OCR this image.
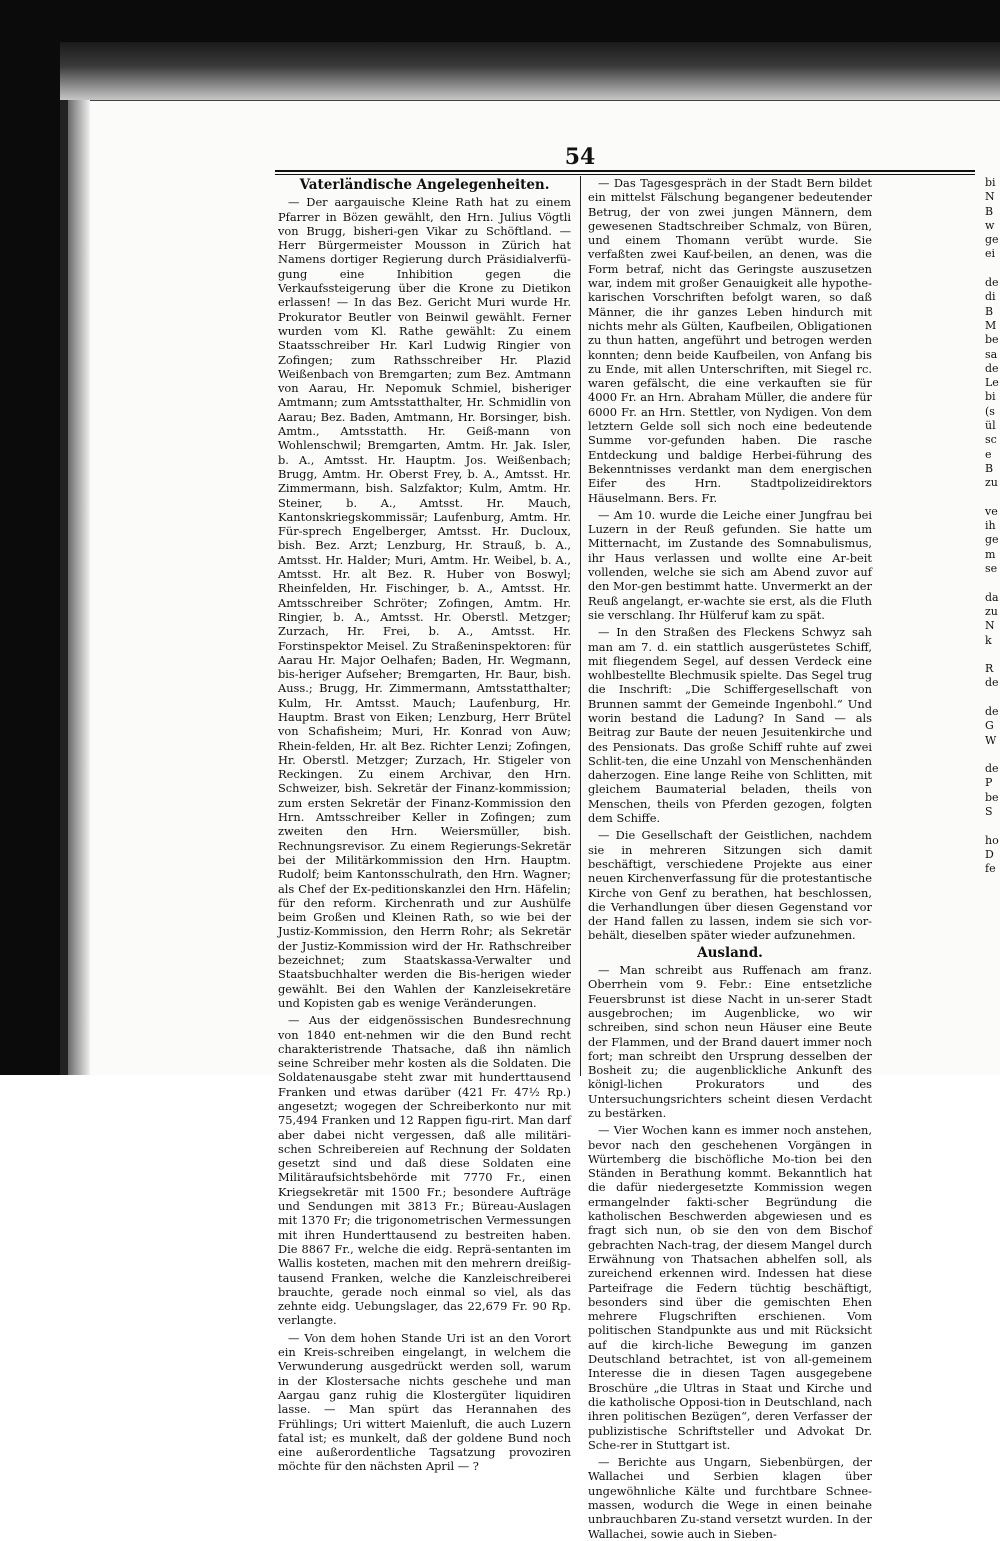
54
Vaterländische Angelegenheiten.

— Der aargauische Kleine Rath hat zu einem Pfarrer in Bözen gewählt, den Hrn. Julius Vögtli von Brugg, bisheri-gen Vikar zu Schöftland. — Herr Bürgermeister Mousson in Zürich hat Namens dortiger Regierung durch Präsidialverfü-gung eine Inhibition gegen die Verkaufssteigerung über die Krone zu Dietikon erlassen! — In das Bez. Gericht Muri wurde Hr. Prokurator Beutler von Beinwil gewählt. Ferner wurden vom Kl. Rathe gewählt: Zu einem Staatsschreiber Hr. Karl Ludwig Ringier von Zofingen; zum Rathsschreiber Hr. Plazid Weißenbach von Bremgarten; zum Bez. Amtmann von Aarau, Hr. Nepomuk Schmiel, bisheriger Amtmann; zum Amtsstatthalter, Hr. Schmidlin von Aarau; Bez. Baden, Amtmann, Hr. Borsinger, bish. Amtm., Amtsstatth. Hr. Geiß-mann von Wohlenschwil; Bremgarten, Amtm. Hr. Jak. Isler, b. A., Amtsst. Hr. Hauptm. Jos. Weißenbach; Brugg, Amtm. Hr. Oberst Frey, b. A., Amtsst. Hr. Zimmermann, bish. Salzfaktor; Kulm, Amtm. Hr. Steiner, b. A., Amtsst. Hr. Mauch, Kantonskriegskommissär; Laufenburg, Amtm. Hr. Für-sprech Engelberger, Amtsst. Hr. Ducloux, bish. Bez. Arzt; Lenzburg, Hr. Strauß, b. A., Amtsst. Hr. Halder; Muri, Amtm. Hr. Weibel, b. A., Amtsst. Hr. alt Bez. R. Huber von Boswyl; Rheinfelden, Hr. Fischinger, b. A., Amtsst. Hr. Amtsschreiber Schröter; Zofingen, Amtm. Hr. Ringier, b. A., Amtsst. Hr. Oberstl. Metzger; Zurzach, Hr. Frei, b. A., Amtsst. Hr. Forstinspektor Meisel. Zu Straßeninspektoren: für Aarau Hr. Major Oelhafen; Baden, Hr. Wegmann, bis-heriger Aufseher; Bremgarten, Hr. Baur, bish. Auss.; Brugg, Hr. Zimmermann, Amtsstatthalter; Kulm, Hr. Amtsst. Mauch; Laufenburg, Hr. Hauptm. Brast von Eiken; Lenzburg, Herr Brütel von Schafisheim; Muri, Hr. Konrad von Auw; Rhein-felden, Hr. alt Bez. Richter Lenzi; Zofingen, Hr. Oberstl. Metzger; Zurzach, Hr. Stigeler von Reckingen. Zu einem Archivar, den Hrn. Schweizer, bish. Sekretär der Finanz-kommission; zum ersten Sekretär der Finanz-Kommission den Hrn. Amtsschreiber Keller in Zofingen; zum zweiten den Hrn. Weiersmüller, bish. Rechnungsrevisor. Zu einem Regierungs-Sekretär bei der Militärkommission den Hrn. Hauptm. Rudolf; beim Kantonsschulrath, den Hrn. Wagner; als Chef der Ex-peditionskanzlei den Hrn. Häfelin; für den reform. Kirchenrath und zur Aushülfe beim Großen und Kleinen Rath, so wie bei der Justiz-Kommission, den Herrn Rohr; als Sekretär der Justiz-Kommission wird der Hr. Rathschreiber bezeichnet; zum Staatskassa-Verwalter und Staatsbuchhalter werden die Bis-herigen wieder gewählt. Bei den Wahlen der Kanzleisekretäre und Kopisten gab es wenige Veränderungen.

— Aus der eidgenössischen Bundesrechnung von 1840 ent-nehmen wir die den Bund recht charakteristrende Thatsache, daß ihn nämlich seine Schreiber mehr kosten als die Soldaten. Die Soldatenausgabe steht zwar mit hunderttausend Franken und etwas darüber (421 Fr. 47½ Rp.) angesetzt; wogegen der Schreiberkonto nur mit 75,494 Franken und 12 Rappen figu-rirt. Man darf aber dabei nicht vergessen, daß alle militäri-schen Schreibereien auf Rechnung der Soldaten gesetzt sind und daß diese Soldaten eine Militäraufsichtsbehörde mit 7770 Fr., einen Kriegsekretär mit 1500 Fr.; besondere Aufträge und Sendungen mit 3813 Fr.; Büreau-Auslagen mit 1370 Fr; die trigonometrischen Vermessungen mit ihren Hunderttausend zu bestreiten haben. Die 8867 Fr., welche die eidg. Reprä-sentanten im Wallis kosteten, machen mit den mehrern dreißig-tausend Franken, welche die Kanzleischreiberei brauchte, gerade noch einmal so viel, als das zehnte eidg. Uebungslager, das 22,679 Fr. 90 Rp. verlangte.

— Von dem hohen Stande Uri ist an den Vorort ein Kreis-schreiben eingelangt, in welchem die Verwunderung ausgedrückt werden soll, warum in der Klostersache nichts geschehe und man Aargau ganz ruhig die Klostergüter liquidiren lasse. — Man spürt das Herannahen des Frühlings; Uri wittert Maienluft, die auch Luzern fatal ist; es munkelt, daß der goldene Bund noch eine außerordentliche Tagsatzung provoziren möchte für den nächsten April — ?

— Das Tagesgespräch in der Stadt Bern bildet ein mittelst Fälschung begangener bedeutender Betrug, der von zwei jungen Männern, dem gewesenen Stadtschreiber Schmalz, von Büren, und einem Thomann verübt wurde. Sie verfaßten zwei Kauf-beilen, an denen, was die Form betraf, nicht das Geringste auszusetzen war, indem mit großer Genauigkeit alle hypothe-karischen Vorschriften befolgt waren, so daß Männer, die ihr ganzes Leben hindurch mit nichts mehr als Gülten, Kaufbeilen, Obligationen zu thun hatten, angeführt und betrogen werden konnten; denn beide Kaufbeilen, von Anfang bis zu Ende, mit allen Unterschriften, mit Siegel rc. waren gefälscht, die eine verkauften sie für 4000 Fr. an Hrn. Abraham Müller, die andere für 6000 Fr. an Hrn. Stettler, von Nydigen. Von dem letztern Gelde soll sich noch eine bedeutende Summe vor-gefunden haben. Die rasche Entdeckung und baldige Herbei-führung des Bekenntnisses verdankt man dem energischen Eifer des Hrn. Stadtpolizeidirektors Häuselmann. Bers. Fr.

— Am 10. wurde die Leiche einer Jungfrau bei Luzern in der Reuß gefunden. Sie hatte um Mitternacht, im Zustande des Somnabulismus, ihr Haus verlassen und wollte eine Ar-beit vollenden, welche sie sich am Abend zuvor auf den Mor-gen bestimmt hatte. Unvermerkt an der Reuß angelangt, er-wachte sie erst, als die Fluth sie verschlang. Ihr Hülferuf kam zu spät.

— In den Straßen des Fleckens Schwyz sah man am 7. d. ein stattlich ausgerüstetes Schiff, mit fliegendem Segel, auf dessen Verdeck eine wohlbestellte Blechmusik spielte. Das Segel trug die Inschrift: „Die Schiffergesellschaft von Brunnen sammt der Gemeinde Ingenbohl.“ Und worin bestand die Ladung? In Sand — als Beitrag zur Baute der neuen Jesuitenkirche und des Pensionats. Das große Schiff ruhte auf zwei Schlit-ten, die eine Unzahl von Menschenhänden daherzogen. Eine lange Reihe von Schlitten, mit gleichem Baumaterial beladen, theils von Menschen, theils von Pferden gezogen, folgten dem Schiffe.

— Die Gesellschaft der Geistlichen, nachdem sie in mehreren Sitzungen sich damit beschäftigt, verschiedene Projekte aus einer neuen Kirchenverfassung für die protestantische Kirche von Genf zu berathen, hat beschlossen, die Verhandlungen über diesen Gegenstand vor der Hand fallen zu lassen, indem sie sich vor-behält, dieselben später wieder aufzunehmen.

Ausland.

— Man schreibt aus Ruffenach am franz. Oberrhein vom 9. Febr.: Eine entsetzliche Feuersbrunst ist diese Nacht in un-serer Stadt ausgebrochen; im Augenblicke, wo wir schreiben, sind schon neun Häuser eine Beute der Flammen, und der Brand dauert immer noch fort; man schreibt den Ursprung desselben der Bosheit zu; die augenblickliche Ankunft des königl-lichen Prokurators und des Untersuchungsrichters scheint diesen Verdacht zu bestärken.

— Vier Wochen kann es immer noch anstehen, bevor nach den geschehenen Vorgängen in Würtemberg die bischöfliche Mo-tion bei den Ständen in Berathung kommt. Bekanntlich hat die dafür niedergesetzte Kommission wegen ermangelnder fakti-scher Begründung die katholischen Beschwerden abgewiesen und es fragt sich nun, ob sie den von dem Bischof gebrachten Nach-trag, der diesem Mangel durch Erwähnung von Thatsachen abhelfen soll, als zureichend erkennen wird. Indessen hat diese Parteifrage die Federn tüchtig beschäftigt, besonders sind über die gemischten Ehen mehrere Flugschriften erschienen. Vom politischen Standpunkte aus und mit Rücksicht auf die kirch-liche Bewegung im ganzen Deutschland betrachtet, ist von all-gemeinem Interesse die in diesen Tagen ausgegebene Broschüre „die Ultras in Staat und Kirche und die katholische Opposi-tion in Deutschland, nach ihren politischen Bezügen“, deren Verfasser der publizistische Schriftsteller und Advokat Dr. Sche-rer in Stuttgart ist.

— Berichte aus Ungarn, Siebenbürgen, der Wallachei und Serbien klagen über ungewöhnliche Kälte und furchtbare Schnee-massen, wodurch die Wege in einen beinahe unbrauchbaren Zu-stand versetzt wurden. In der Wallachei, sowie auch in Sieben-

bi
N
B
w
ge
ei

de
di
B
M
be
sa
de
Le
bi
(s
ül
sc
e
B
zu

ve
ih
ge
m
se

da
zu
N
k

R
de

de
G
W

de
P
be
S

ho
D
fe
